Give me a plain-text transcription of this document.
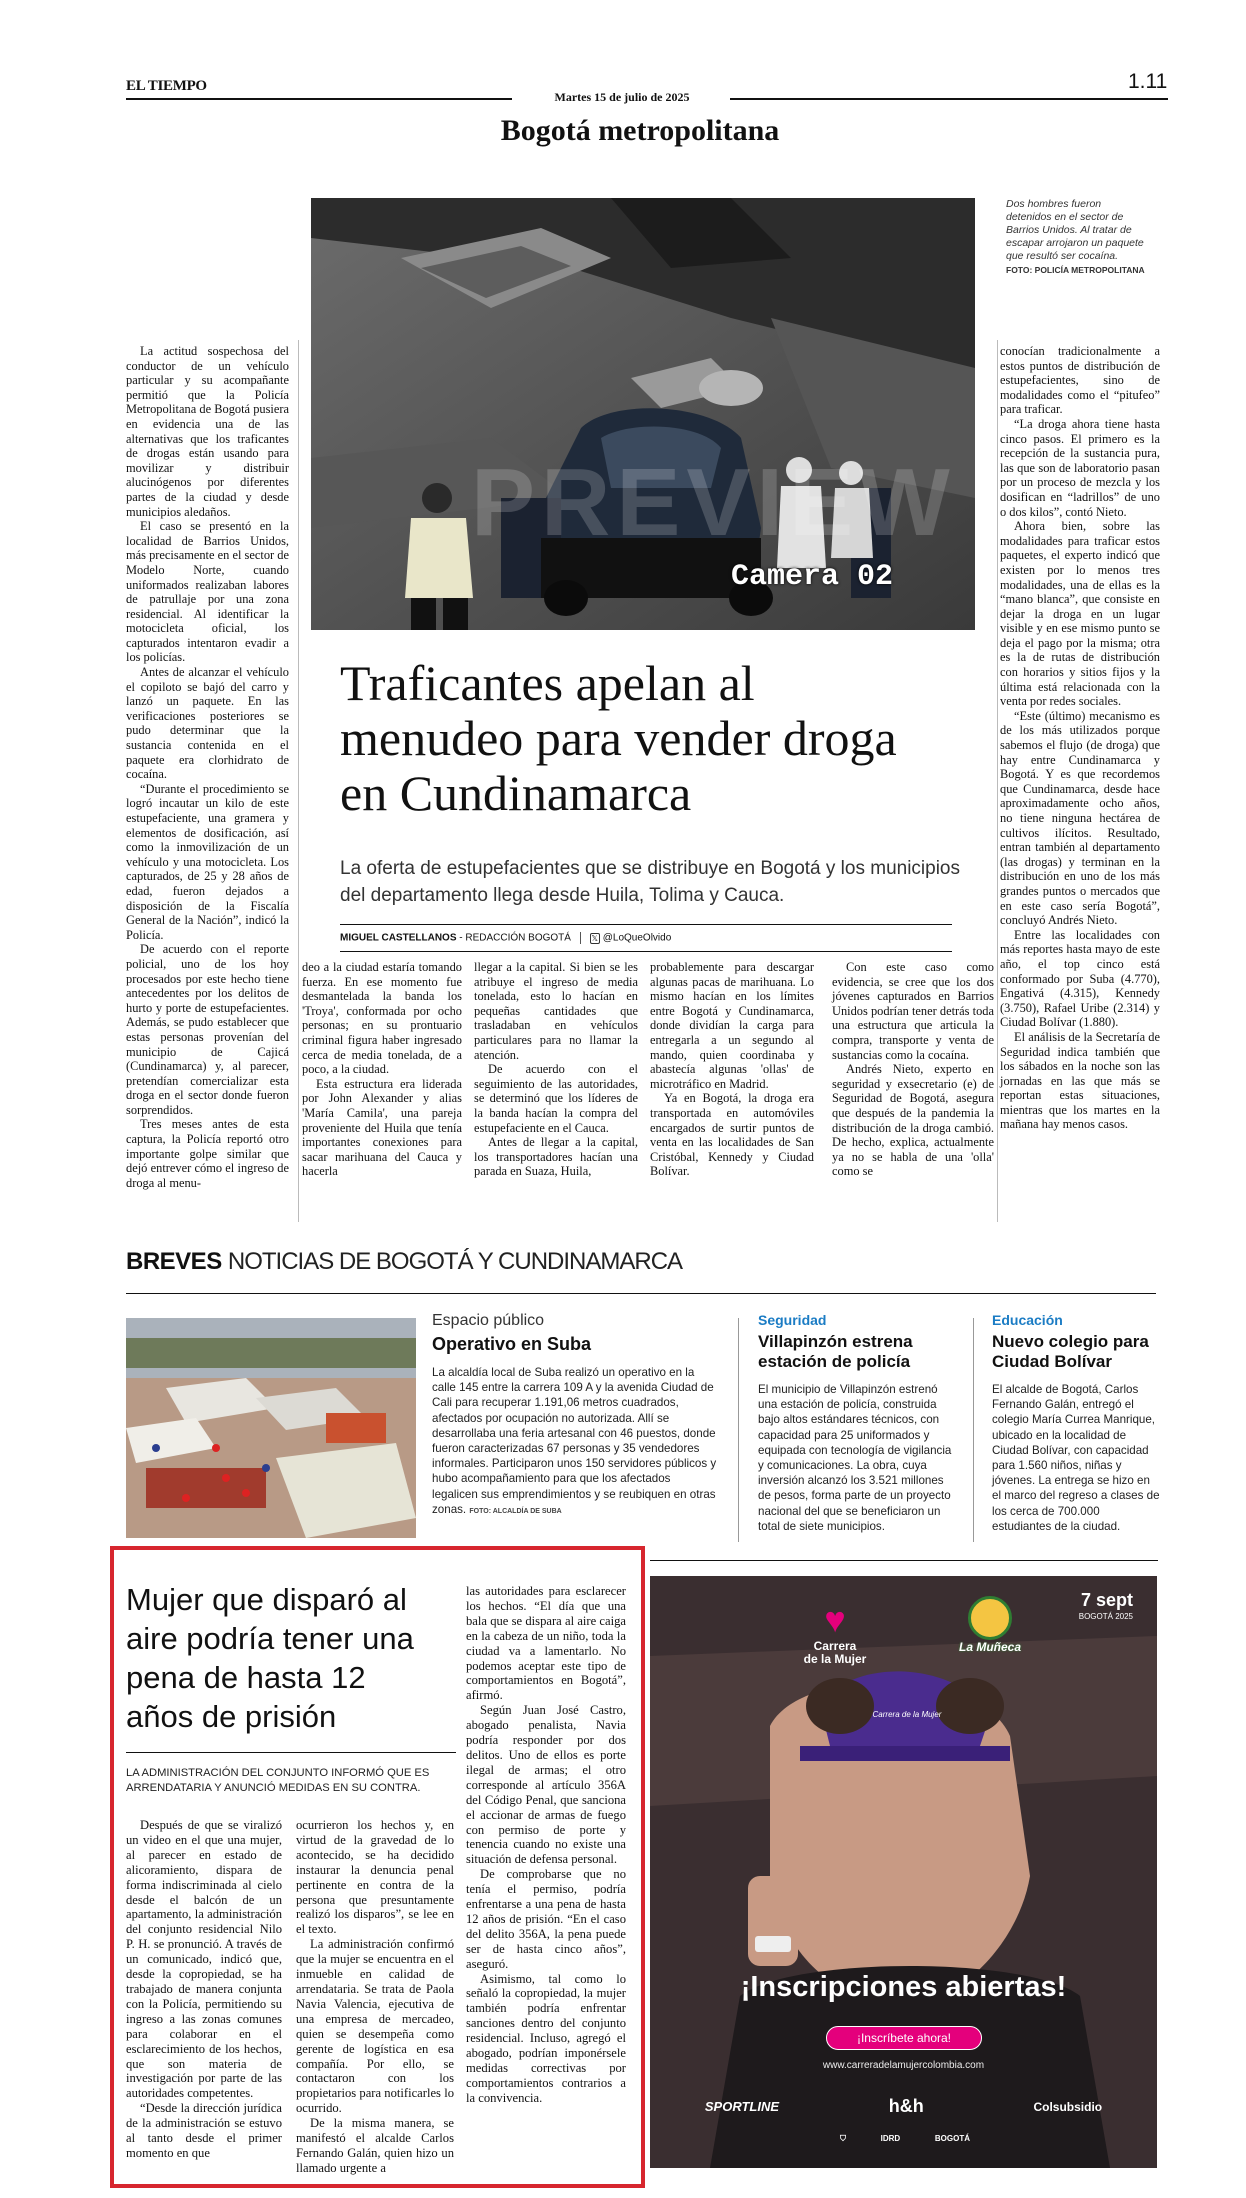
EL TIEMPO	1.11
Martes 15 de julio de 2025
Bogotá metropolitana
PREVIEW
Camera 02
Dos hombres fueron detenidos en el sector de Barrios Unidos. Al tratar de escapar arrojaron un paquete que resultó ser cocaína.
FOTO: POLICÍA METROPOLITANA
Traficantes apelan al menudeo para vender droga en Cundinamarca
La oferta de estupefacientes que se distribuye en Bogotá y los municipios del departamento llega desde Huila, Tolima y Cauca.
MIGUEL CASTELLANOS - REDACCIÓN BOGOTÁ	𝕏 @LoQueOlvido

La actitud sospechosa del conductor de un vehículo particular y su acompañante permitió que la Policía Metropolitana de Bogotá pusiera en evidencia una de las alternativas que los traficantes de drogas están usando para movilizar y distribuir alucinógenos por diferentes partes de la ciudad y desde municipios aledaños.

El caso se presentó en la localidad de Barrios Unidos, más precisamente en el sector de Modelo Norte, cuando uniformados realizaban labores de patrullaje por una zona residencial. Al identificar la motocicleta oficial, los capturados intentaron evadir a los policías.

Antes de alcanzar el vehículo el copiloto se bajó del carro y lanzó un paquete. En las verificaciones posteriores se pudo determinar que la sustancia contenida en el paquete era clorhidrato de cocaína.

“Durante el procedimiento se logró incautar un kilo de este estupefaciente, una gramera y elementos de dosificación, así como la inmovilización de un vehículo y una motocicleta. Los capturados, de 25 y 28 años de edad, fueron dejados a disposición de la Fiscalía General de la Nación”, indicó la Policía.

De acuerdo con el reporte policial, uno de los hoy procesados por este hecho tiene antecedentes por los delitos de hurto y porte de estupefacientes. Además, se pudo establecer que estas personas provenían del municipio de Cajicá (Cundinamarca) y, al parecer, pretendían comercializar esta droga en el sector donde fueron sorprendidos.

Tres meses antes de esta captura, la Policía reportó otro importante golpe similar que dejó entrever cómo el ingreso de droga al menu-

deo a la ciudad estaría tomando fuerza. En ese momento fue desmantelada la banda los 'Troya', conformada por ocho personas; en su prontuario criminal figura haber ingresado cerca de media tonelada, de a poco, a la ciudad.

Esta estructura era liderada por John Alexander y alias 'María Camila', una pareja proveniente del Huila que tenía importantes conexiones para sacar marihuana del Cauca y hacerla

llegar a la capital. Si bien se les atribuye el ingreso de media tonelada, esto lo hacían en pequeñas cantidades que trasladaban en vehículos particulares para no llamar la atención.

De acuerdo con el seguimiento de las autoridades, se determinó que los líderes de la banda hacían la compra del estupefaciente en el Cauca.

Antes de llegar a la capital, los transportadores hacían una parada en Suaza, Huila,

probablemente para descargar algunas pacas de marihuana. Lo mismo hacían en los límites entre Bogotá y Cundinamarca, donde dividían la carga para entregarla a un segundo al mando, quien coordinaba y abastecía algunas 'ollas' de microtráfico en Madrid.

Ya en Bogotá, la droga era transportada en automóviles encargados de surtir puntos de venta en las localidades de San Cristóbal, Kennedy y Ciudad Bolívar.

Con este caso como evidencia, se cree que los dos jóvenes capturados en Barrios Unidos podrían tener detrás toda una estructura que articula la compra, transporte y venta de sustancias como la cocaína.

Andrés Nieto, experto en seguridad y exsecretario (e) de Seguridad de Bogotá, asegura que después de la pandemia la distribución de la droga cambió. De hecho, explica, actualmente ya no se habla de una 'olla' como se

conocían tradicionalmente a estos puntos de distribución de estupefacientes, sino de modalidades como el “pitufeo” para traficar.

“La droga ahora tiene hasta cinco pasos. El primero es la recepción de la sustancia pura, las que son de laboratorio pasan por un proceso de mezcla y los dosifican en “ladrillos” de uno o dos kilos”, contó Nieto.

Ahora bien, sobre las modalidades para traficar estos paquetes, el experto indicó que existen por lo menos tres modalidades, una de ellas es la “mano blanca”, que consiste en dejar la droga en un lugar visible y en ese mismo punto se deja el pago por la misma; otra es la de rutas de distribución con horarios y sitios fijos y la última está relacionada con la venta por redes sociales.

“Este (último) mecanismo es de los más utilizados porque sabemos el flujo (de droga) que hay entre Cundinamarca y Bogotá. Y es que recordemos que Cundinamarca, desde hace aproximadamente ocho años, no tiene ninguna hectárea de cultivos ilícitos. Resultado, entran también al departamento (las drogas) y terminan en la distribución en uno de los más grandes puntos o mercados que en este caso sería Bogotá”, concluyó Andrés Nieto.

Entre las localidades con más reportes hasta mayo de este año, el top cinco está conformado por Suba (4.770), Engativá (4.315), Kennedy (3.750), Rafael Uribe (2.314) y Ciudad Bolívar (1.880).

El análisis de la Secretaría de Seguridad indica también que los sábados en la noche son las jornadas en las que más se reportan estas situaciones, mientras que los martes en la mañana hay menos casos.

BREVES NOTICIAS DE BOGOTÁ Y CUNDINAMARCA
Espacio público
Operativo en Suba
La alcaldía local de Suba realizó un operativo en la calle 145 entre la carrera 109 A y la avenida Ciudad de Cali para recuperar 1.191,06 metros cuadrados, afectados por ocupación no autorizada. Allí se desarrollaba una feria artesanal con 46 puestos, donde fueron caracterizadas 67 personas y 35 vendedores informales. Participaron unos 150 servidores públicos y hubo acompañamiento para que los afectados legalicen sus emprendimientos y se reubiquen en otras zonas. FOTO: ALCALDÍA DE SUBA
Seguridad
Villapinzón estrena estación de policía
El municipio de Villapinzón estrenó una estación de policía, construida bajo altos estándares técnicos, con capacidad para 25 uniformados y equipada con tecnología de vigilancia y comunicaciones. La obra, cuya inversión alcanzó los 3.521 millones de pesos, forma parte de un proyecto nacional del que se beneficiaron un total de siete municipios.
Educación
Nuevo colegio para Ciudad Bolívar
El alcalde de Bogotá, Carlos Fernando Galán, entregó el colegio María Currea Manrique, ubicado en la localidad de Ciudad Bolívar, con capacidad para 1.560 niños, niñas y jóvenes. La entrega se hizo en el marco del regreso a clases de los cerca de 700.000 estudiantes de la ciudad.
Mujer que disparó al aire podría tener una pena de hasta 12 años de prisión
LA ADMINISTRACIÓN DEL CONJUNTO INFORMÓ QUE ES ARRENDATARIA Y ANUNCIÓ MEDIDAS EN SU CONTRA.

Después de que se viralizó un video en el que una mujer, al parecer en estado de alicoramiento, dispara de forma indiscriminada al cielo desde el balcón de un apartamento, la administración del conjunto residencial Nilo P. H. se pronunció. A través de un comunicado, indicó que, desde la copropiedad, se ha trabajado de manera conjunta con la Policía, permitiendo su ingreso a las zonas comunes para colaborar en el esclarecimiento de los hechos, que son materia de investigación por parte de las autoridades competentes.

“Desde la dirección jurídica de la administración se estuvo al tanto desde el primer momento en que

ocurrieron los hechos y, en virtud de la gravedad de lo acontecido, se ha decidido instaurar la denuncia penal pertinente en contra de la persona que presuntamente realizó los disparos”, se lee en el texto.

La administración confirmó que la mujer se encuentra en el inmueble en calidad de arrendataria. Se trata de Paola Navia Valencia, ejecutiva de una empresa de mercadeo, quien se desempeña como gerente de logística en esa compañía. Por ello, se contactaron con los propietarios para notificarles lo ocurrido.

De la misma manera, se manifestó el alcalde Carlos Fernando Galán, quien hizo un llamado urgente a

las autoridades para esclarecer los hechos. “El día que una bala que se dispara al aire caiga en la cabeza de un niño, toda la ciudad va a lamentarlo. No podemos aceptar este tipo de comportamientos en Bogotá”, afirmó.

Según Juan José Castro, abogado penalista, Navia podría responder por dos delitos. Uno de ellos es porte ilegal de armas; el otro corresponde al artículo 356A del Código Penal, que sanciona el accionar de armas de fuego con permiso de porte y tenencia cuando no existe una situación de defensa personal.

De comprobarse que no tenía el permiso, podría enfrentarse a una pena de hasta 12 años de prisión. “En el caso del delito 356A, la pena puede ser de hasta cinco años”, aseguró.

Asimismo, tal como lo señaló la copropiedad, la mujer también podría enfrentar sanciones dentro del conjunto residencial. Incluso, agregó el abogado, podrían imponérsele medidas correctivas por comportamientos contrarios a la convivencia.

7 sept
BOGOTÁ 2025
♥
Carrera
de la Mujer
La Muñeca
Carrera de la Mujer
¡Inscripciones abiertas!
¡Inscríbete ahora!
www.carreradelamujercolombia.com
SPORTLINE	h&h	Colsubsidio
⛉	IDRD	BOGOTÁ
